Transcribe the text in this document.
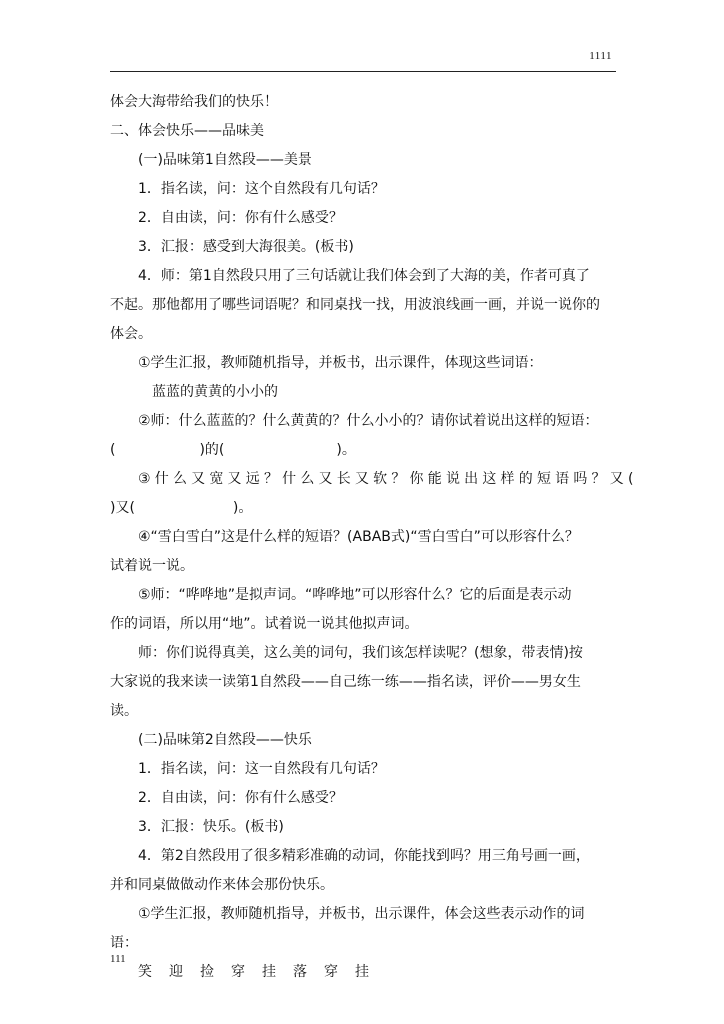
1111
体会大海带给我们的快乐！
二、体会快乐——品味美
(一)品味第1自然段——美景
1．指名读，问：这个自然段有几句话？
2．自由读，问：你有什么感受？
3．汇报：感受到大海很美。(板书)
4．师：第1自然段只用了三句话就让我们体会到了大海的美，作者可真了
不起。那他都用了哪些词语呢？和同桌找一找，用波浪线画一画，并说一说你的
体会。
①学生汇报，教师随机指导，并板书，出示课件，体现这些词语：
蓝蓝的黄黄的小小的
②师：什么蓝蓝的？什么黄黄的？什么小小的？请你试着说出这样的短语：
(　　　　　　)的(　　　　　　　　)。
③什么又宽又远？什么又长又软？你能说出这样的短语吗？又(
)又(　　　　　　　)。
④“雪白雪白”这是什么样的短语？(ABAB式)“雪白雪白”可以形容什么？
试着说一说。
⑤师：“哗哗地”是拟声词。“哗哗地”可以形容什么？它的后面是表示动
作的词语，所以用“地”。试着说一说其他拟声词。
师：你们说得真美，这么美的词句，我们该怎样读呢？(想象，带表情)按
大家说的我来读一读第1自然段——自己练一练——指名读，评价——男女生
读。
(二)品味第2自然段——快乐
1．指名读，问：这一自然段有几句话？
2．自由读，问：你有什么感受？
3．汇报：快乐。(板书)
4．第2自然段用了很多精彩准确的动词，你能找到吗？用三角号画一画，
并和同桌做做动作来体会那份快乐。
①学生汇报，教师随机指导，并板书，出示课件，体会这些表示动作的词
语：
笑	迎	捡	穿	挂	落	穿	挂
111
